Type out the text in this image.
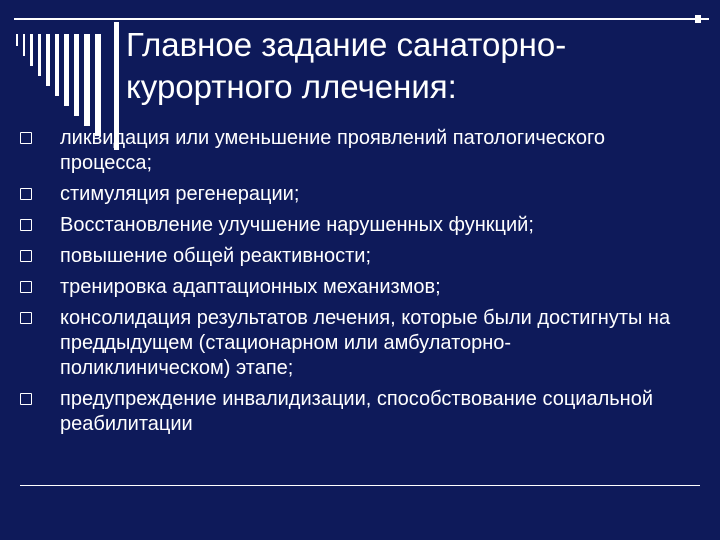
Главное задание санаторно-
курортного ллечения:
ликвидация или уменьшение проявлений патологического процесса;
стимуляция регенерации;
Восстановление улучшение нарушенных функций;
повышение общей реактивности;
тренировка адаптационных механизмов;
консолидация результатов лечения, которые были достигнуты на преддыдущем (стационарном или амбулаторно-поликлиническом) этапе;
предупреждение инвалидизации, способствование социальной реабилитации
